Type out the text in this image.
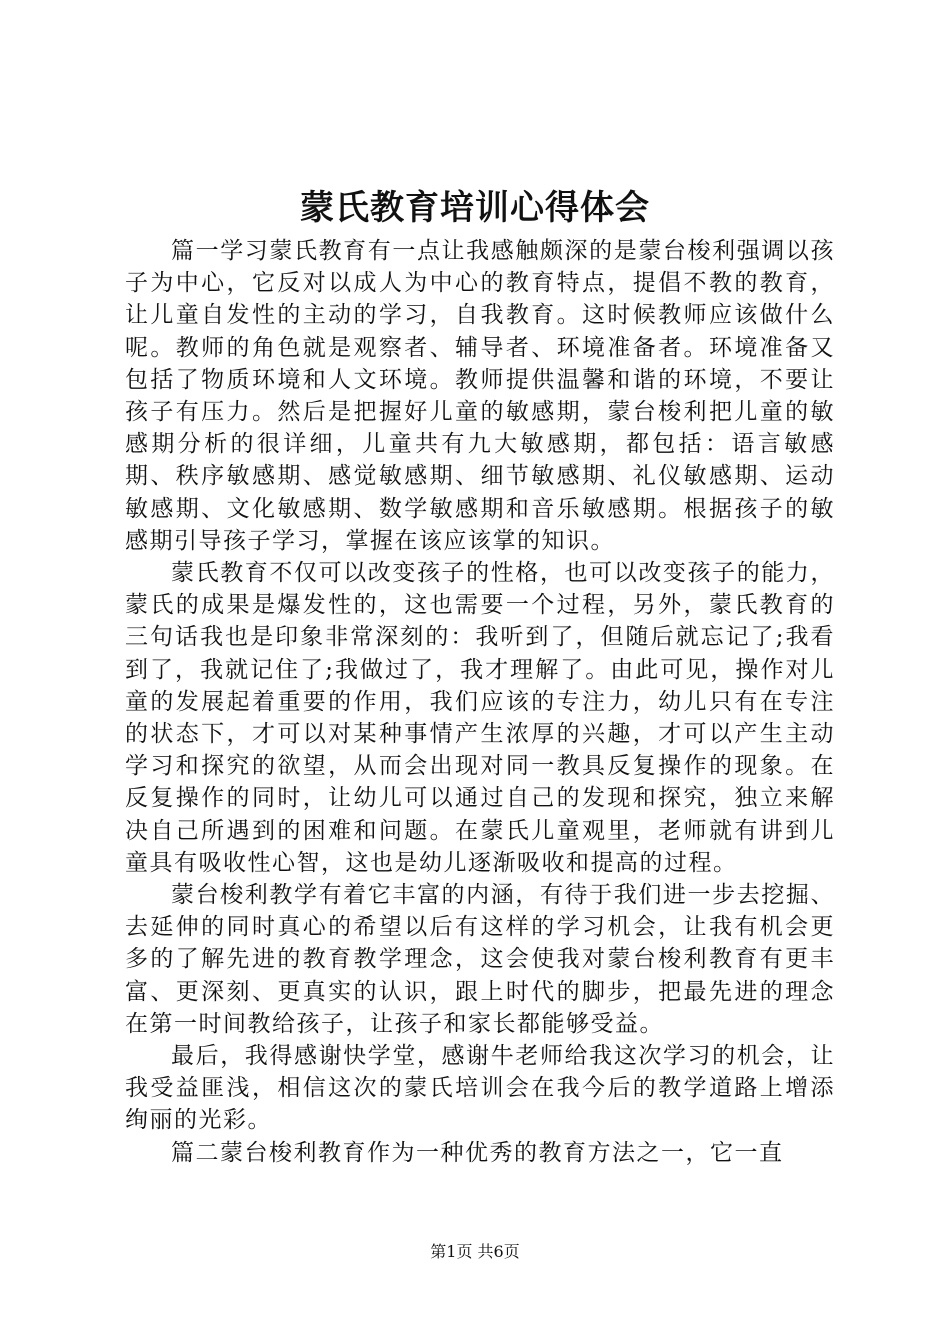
蒙氏教育培训心得体会

篇一学习蒙氏教育有一点让我感触颇深的是蒙台梭利强调以孩子为中心，它反对以成人为中心的教育特点，提倡不教的教育，让儿童自发性的主动的学习，自我教育。这时候教师应该做什么呢。教师的角色就是观察者、辅导者、环境准备者。环境准备又包括了物质环境和人文环境。教师提供温馨和谐的环境，不要让孩子有压力。然后是把握好儿童的敏感期，蒙台梭利把儿童的敏感期分析的很详细，儿童共有九大敏感期，都包括：语言敏感期、秩序敏感期、感觉敏感期、细节敏感期、礼仪敏感期、运动敏感期、文化敏感期、数学敏感期和音乐敏感期。根据孩子的敏感期引导孩子学习，掌握在该应该掌的知识。

蒙氏教育不仅可以改变孩子的性格，也可以改变孩子的能力，蒙氏的成果是爆发性的，这也需要一个过程，另外，蒙氏教育的三句话我也是印象非常深刻的：我听到了，但随后就忘记了;我看到了，我就记住了;我做过了，我才理解了。由此可见，操作对儿童的发展起着重要的作用，我们应该的专注力，幼儿只有在专注的状态下，才可以对某种事情产生浓厚的兴趣，才可以产生主动学习和探究的欲望，从而会出现对同一教具反复操作的现象。在反复操作的同时，让幼儿可以通过自己的发现和探究，独立来解决自己所遇到的困难和问题。在蒙氏儿童观里，老师就有讲到儿童具有吸收性心智，这也是幼儿逐渐吸收和提高的过程。

蒙台梭利教学有着它丰富的内涵，有待于我们进一步去挖掘、去延伸的同时真心的希望以后有这样的学习机会，让我有机会更多的了解先进的教育教学理念，这会使我对蒙台梭利教育有更丰富、更深刻、更真实的认识，跟上时代的脚步，把最先进的理念在第一时间教给孩子，让孩子和家长都能够受益。

最后，我得感谢快学堂，感谢牛老师给我这次学习的机会，让我受益匪浅，相信这次的蒙氏培训会在我今后的教学道路上增添绚丽的光彩。

篇二蒙台梭利教育作为一种优秀的教育方法之一，它一直

第1页 共6页
